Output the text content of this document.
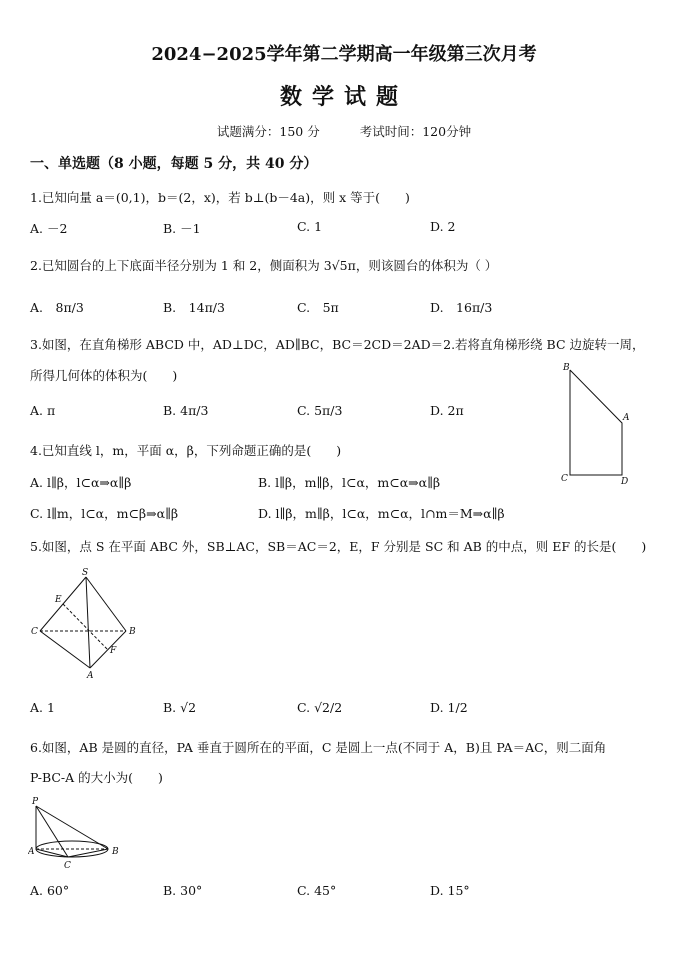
2024−2025学年第二学期高一年级第三次月考
数学试题
试题满分：150 分	考试时间：120分钟
一、单选题（8 小题，每题 5 分，共 40 分）
1.已知向量 a＝(0,1)，b＝(2，x)，若 b⊥(b－4a)，则 x 等于(　　)
A. －2	B. －1	C. 1	D. 2
2.已知圆台的上下底面半径分别为 1 和 2，侧面积为 3√5π，则该圆台的体积为（ ）
A.　8π/3	B.　14π/3	C.　5π	D.　16π/3
3.如图，在直角梯形 ABCD 中，AD⊥DC，AD∥BC，BC＝2CD＝2AD＝2.若将直角梯形绕 BC 边旋转一周，
所得几何体的体积为(　　)
A. π	B. 4π/3	C. 5π/3	D. 2π
B
A
C	D
4.已知直线 l，m，平面 α，β，下列命题正确的是(　　)
A. l∥β，l⊂α⇒α∥β	B. l∥β，m∥β，l⊂α，m⊂α⇒α∥β
C. l∥m，l⊂α，m⊂β⇒α∥β	D. l∥β，m∥β，l⊂α，m⊂α，l∩m＝M⇒α∥β
5.如图，点 S 在平面 ABC 外，SB⊥AC，SB＝AC＝2，E，F 分别是 SC 和 AB 的中点，则 EF 的长是(　　)
S
E
C	B
F
A
A. 1	B. √2	C. √2/2	D. 1/2
6.如图，AB 是圆的直径，PA 垂直于圆所在的平面，C 是圆上一点(不同于 A，B)且 PA＝AC，则二面角
P-BC-A 的大小为(　　)
P
A
C
B
A. 60°	B. 30°	C. 45°	D. 15°
